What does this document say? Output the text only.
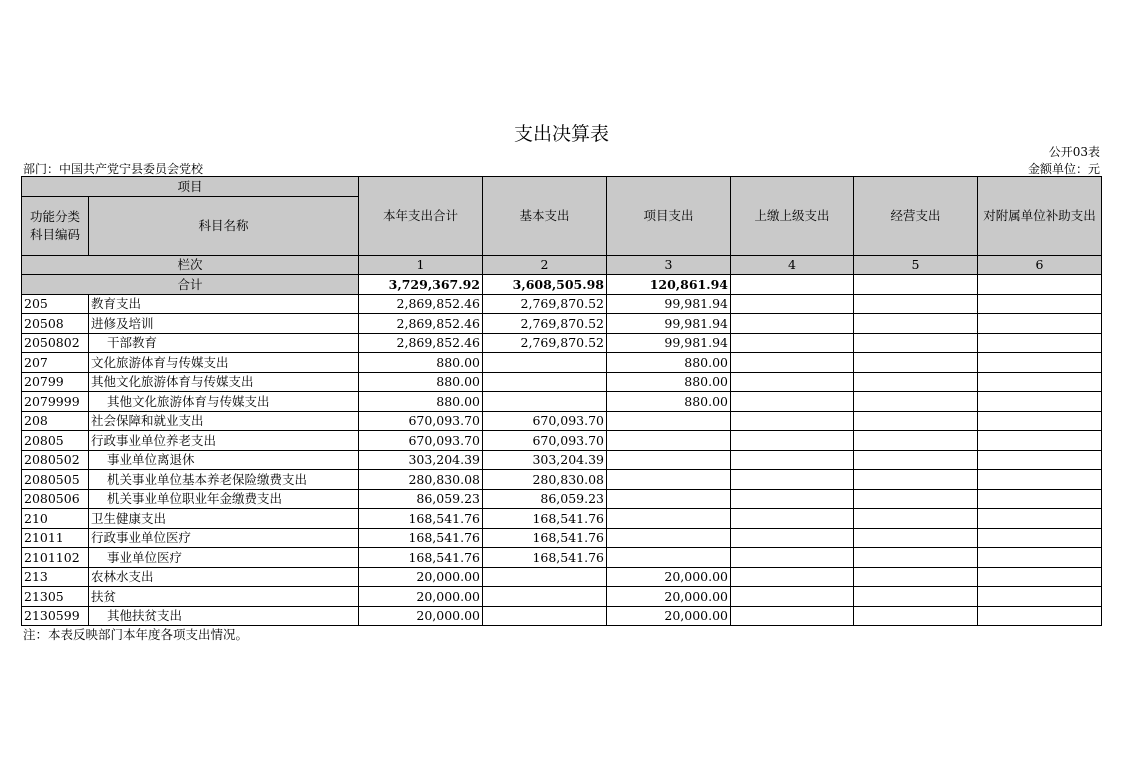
支出决算表
公开03表
部门：中国共产党宁县委员会党校	金额单位：元
项目		本年支出合计	基本支出	项目支出	上缴上级支出	经营支出	对附属单位补助支出
功能分类科目编码	科目名称						
栏次		1	2	3	4	5	6
合计		3,729,367.92	3,608,505.98	120,861.94			
205	教育支出	2,869,852.46	2,769,870.52	99,981.94			
20508	进修及培训	2,869,852.46	2,769,870.52	99,981.94			
2050802	干部教育	2,869,852.46	2,769,870.52	99,981.94			
207	文化旅游体育与传媒支出	880.00		880.00			
20799	其他文化旅游体育与传媒支出	880.00		880.00			
2079999	其他文化旅游体育与传媒支出	880.00		880.00			
208	社会保障和就业支出	670,093.70	670,093.70				
20805	行政事业单位养老支出	670,093.70	670,093.70				
2080502	事业单位离退休	303,204.39	303,204.39				
2080505	机关事业单位基本养老保险缴费支出	280,830.08	280,830.08				
2080506	机关事业单位职业年金缴费支出	86,059.23	86,059.23				
210	卫生健康支出	168,541.76	168,541.76				
21011	行政事业单位医疗	168,541.76	168,541.76				
2101102	事业单位医疗	168,541.76	168,541.76				
213	农林水支出	20,000.00		20,000.00			
21305	扶贫	20,000.00		20,000.00			
2130599	其他扶贫支出	20,000.00		20,000.00			
注：本表反映部门本年度各项支出情况。
